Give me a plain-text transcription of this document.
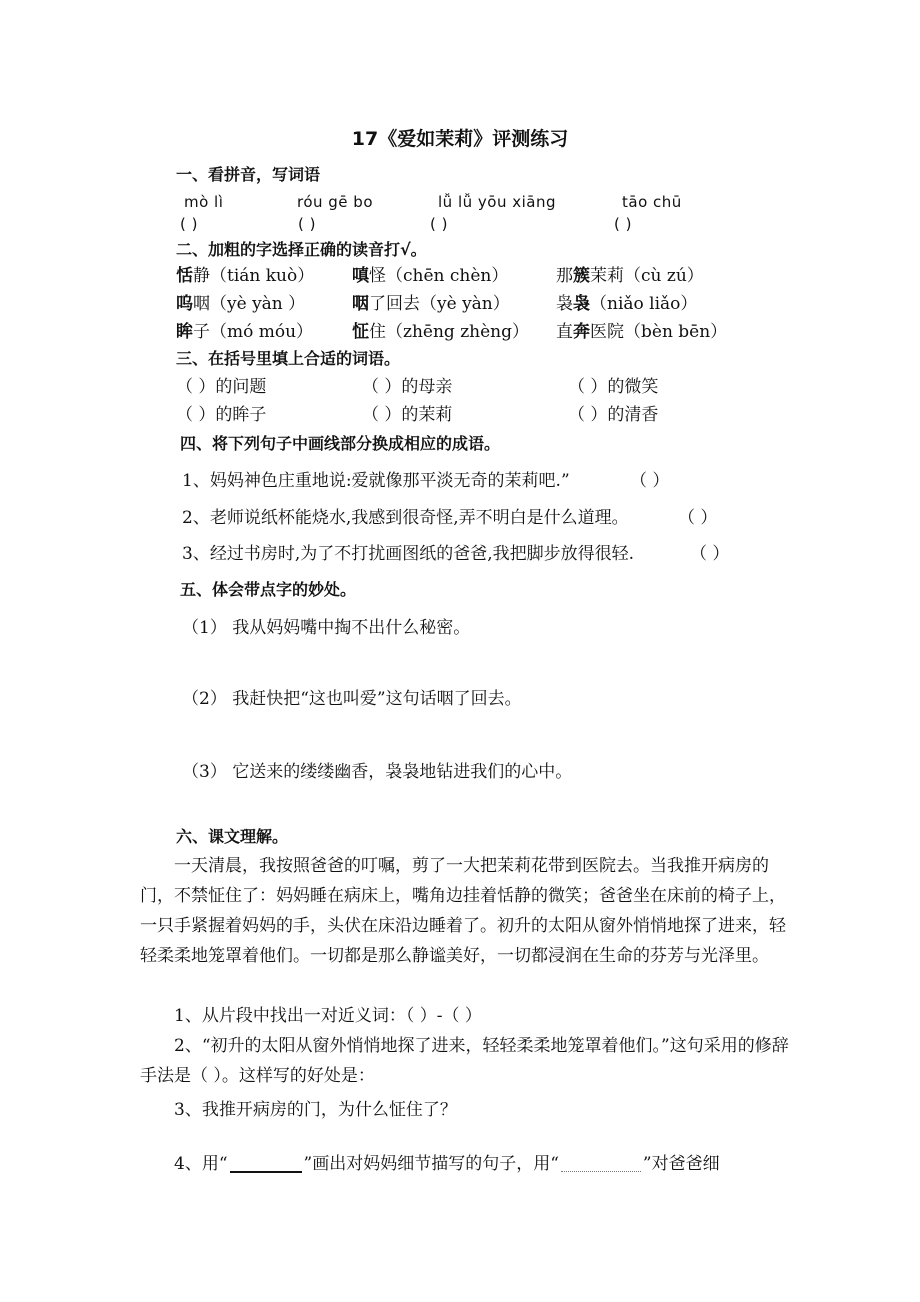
17《爱如茉莉》评测练习
一、看拼音，写词语
mò lì	róu gē bo	lǚ lǚ yōu xiāng	tāo chū
( )	( )	( )	( )
二、加粗的字选择正确的读音打√。
恬静（tián kuò） 嗔怪（chēn chèn）	那簇茉莉（cù zú）
呜咽（yè yàn ）	咽了回去（yè yàn）	袅袅（niǎo liǎo）
眸子（mó móu） 怔住（zhēng zhèng） 直奔医院（bèn bēn）
三、在括号里填上合适的词语。
（ ）的问题	（ ）的母亲	（ ）的微笑
（ ）的眸子	（ ）的茉莉	（ ）的清香
四、将下列句子中画线部分换成相应的成语。
1、妈妈神色庄重地说:爱就像那平淡无奇的茉莉吧.”	（ ）
2、老师说纸杯能烧水,我感到很奇怪,弄不明白是什么道理。	（ ）
3、经过书房时,为了不打扰画图纸的爸爸,我把脚步放得很轻.	（ ）
五、体会带点字的妙处。
（1） 我从妈妈嘴中掏不出什么秘密。
（2） 我赶快把“这也叫爱”这句话咽了回去。
（3） 它送来的缕缕幽香，袅袅地钻进我们的心中。
六、课文理解。
一天清晨，我按照爸爸的叮嘱，剪了一大把茉莉花带到医院去。当我推开病房的门，不禁怔住了：妈妈睡在病床上，嘴角边挂着恬静的微笑；爸爸坐在床前的椅子上，一只手紧握着妈妈的手，头伏在床沿边睡着了。初升的太阳从窗外悄悄地探了进来，轻轻柔柔地笼罩着他们。一切都是那么静谧美好，一切都浸润在生命的芬芳与光泽里。
1、从片段中找出一对近义词：（ ）-（ ）
2、“初升的太阳从窗外悄悄地探了进来，轻轻柔柔地笼罩着他们。”这句采用的修辞手法是（ ）。这样写的好处是：
3、我推开病房的门，为什么怔住了？
4、用“	”画出对妈妈细节描写的句子，用“	”对爸爸细
